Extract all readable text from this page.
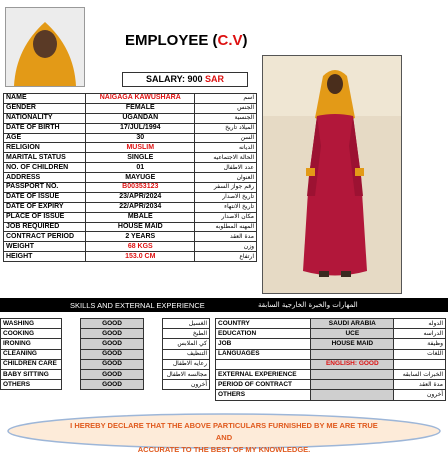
EMPLOYEE (C.V)
SALARY: 900 SAR
NAME	NAIGAGA KAWUSHARA	اسم
GENDER	FEMALE	الجنس
NATIONALITY	UGANDAN	الجنسية
DATE OF BIRTH	17/JUL/1994	الميلاد تاريخ
AGE	30	السن
RELIGION	MUSLIM	الديانه
MARITAL STATUS	SINGLE	الحالة الاجتماعيه
NO. OF CHILDREN	01	عدد الاطفال
ADDRESS	MAYUGE	العنوان
PASSPORT NO.	B00353123	رقم جواز السفر
DATE OF ISSUE	23/APR/2024	تاريخ الاصدار
DATE OF EXPIRY	22/APR/2034	تاريخ الانتهاء
PLACE OF ISSUE	MBALE	مكان الاصدار
JOB REQUIRED	HOUSE MAID	المهنه المطلوبه
CONTRACT PERIOD	2 YEARS	مدة العقد
WEIGHT	68 KGS	وزن
HEIGHT	153.0 CM	ارتفاع
SKILLS AND EXTERNAL EXPERIENCE	المهارات والخبرة الخارجية السابقة
WASHING		GOOD		الغسيل
COOKING		GOOD		الطبخ
IRONING		GOOD		كي الملابس
CLEANING		GOOD		التنظيف
CHILDREN CARE		GOOD		رعايه الاطفال
BABY SITTING		GOOD		مجالسه الاطفال
OTHERS		GOOD		أخرون
COUNTRY	SAUDI ARABIA	الدوله
EDUCATION	UCE	الدراسه
JOB	HOUSE MAID	وظيفة
LANGUAGES		اللغات
	ENGLISH: GOOD	
EXTERNAL EXPERIENCE		الخبرات السابقه
PERIOD OF CONTRACT		مدة العقد
OTHERS		أخرون
I HEREBY DECLARE THAT THE ABOVE PARTICULARS FURNISHED BY ME ARE TRUE AND
ACCURATE TO THE BEST OF MY KNOWLEDGE.
